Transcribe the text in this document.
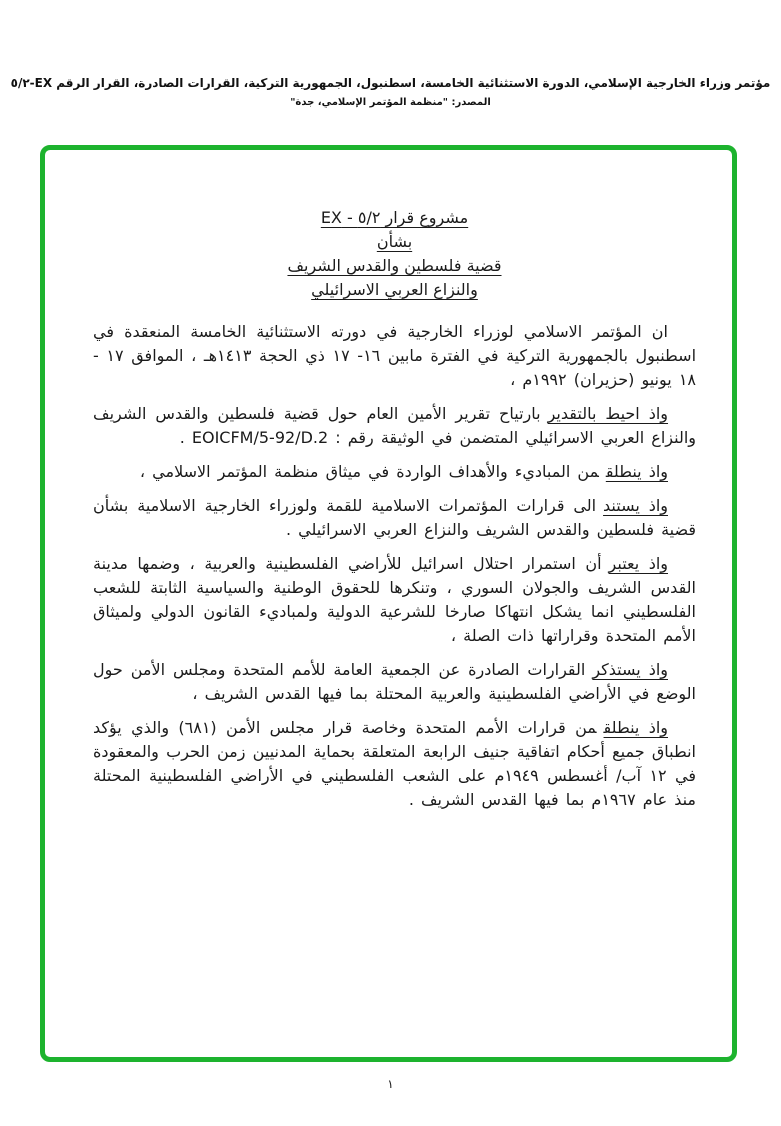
مؤتمر وزراء الخارجية الإسلامي، الدورة الاستثنائية الخامسة، اسطنبول، الجمهورية التركية، القرارات الصادرة، القرار الرقم EX-٥/٢
المصدر: "منظمة المؤتمر الإسلامي، جدة"
مشروع قرار ٥/٢ - EX
بشأن
قضية فلسطين والقدس الشريف
والنزاع العربي الاسرائيلي

ان المؤتمر الاسلامي لوزراء الخارجية في دورته الاستثنائية الخامسة المنعقدة في اسطنبول بالجمهورية التركية في الفترة مابين ١٦- ١٧ ذي الحجة ١٤١٣هـ ، الموافق ١٧ - ١٨ يونيو (حزيران) ١٩٩٢م ،

واذ احيط بالتقديربارتياح تقرير الأمين العام حول قضية فلسطين والقدس الشريف والنزاع العربي الاسرائيلي المتضمن في الوثيقة رقم : EOICFM/5-92/D.2 .

واذ ينطلقمن المباديء والأهداف الواردة في ميثاق منظمة المؤتمر الاسلامي ،

واذ يستندالى قرارات المؤتمرات الاسلامية للقمة ولوزراء الخارجية الاسلامية بشأن قضية فلسطين والقدس الشريف والنزاع العربي الاسرائيلي .

واذ يعتبرأن استمرار احتلال اسرائيل للأراضي الفلسطينية والعربية ، وضمها مدينة القدس الشريف والجولان السوري ، وتنكرها للحقوق الوطنية والسياسية الثابتة للشعب الفلسطيني انما يشكل انتهاكا صارخا للشرعية الدولية ولمباديء القانون الدولي ولميثاق الأمم المتحدة وقراراتها ذات الصلة ،

واذ يستذكرالقرارات الصادرة عن الجمعية العامة للأمم المتحدة ومجلس الأمن حول الوضع في الأراضي الفلسطينية والعربية المحتلة بما فيها القدس الشريف ،

واذ ينطلقمن قرارات الأمم المتحدة وخاصة قرار مجلس الأمن (٦٨١) والذي يؤكد انطباق جميع أحكام اتفاقية جنيف الرابعة المتعلقة بحماية المدنيين زمن الحرب والمعقودة في ١٢ آب/ أغسطس ١٩٤٩م على الشعب الفلسطيني في الأراضي الفلسطينية المحتلة منذ عام ١٩٦٧م بما فيها القدس الشريف .

١
